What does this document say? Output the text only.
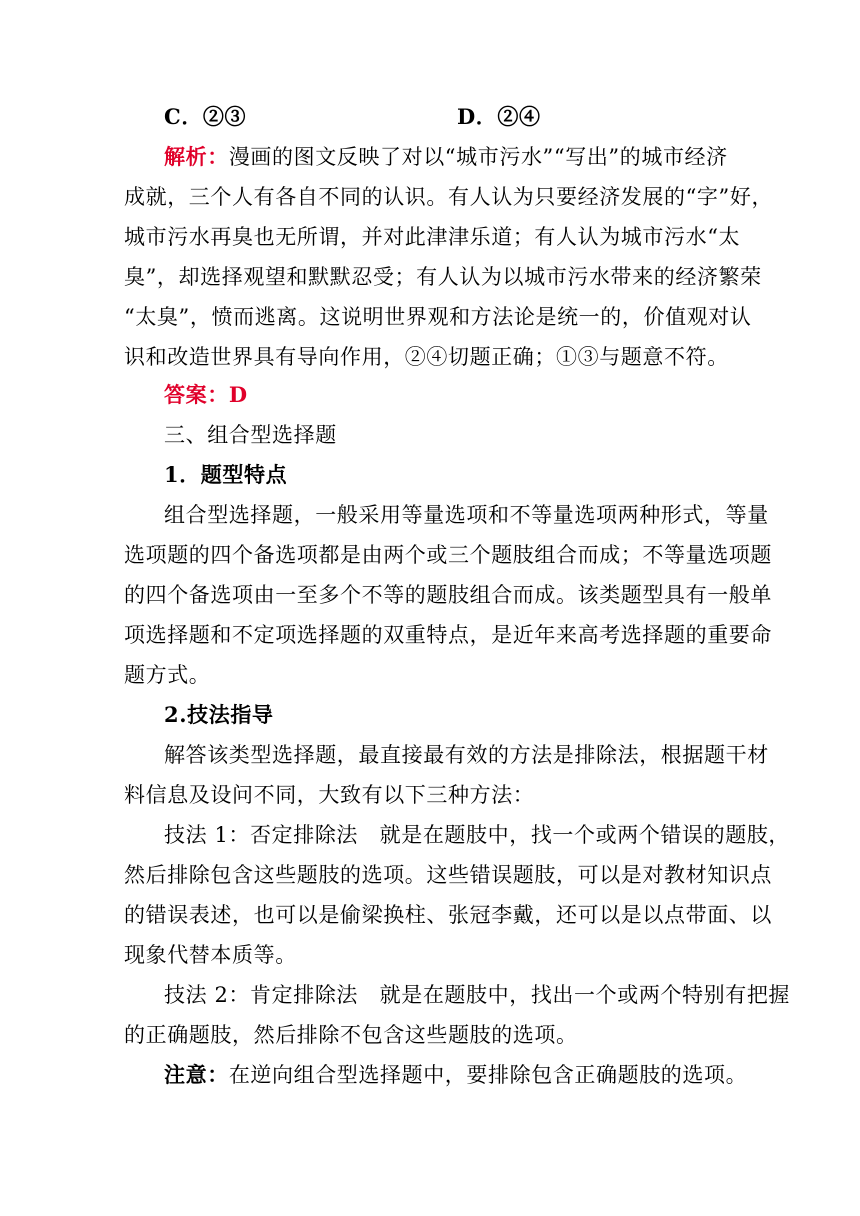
C．②③	D．②④
解析：漫画的图文反映了对以“城市污水”“写出”的城市经济
成就，三个人有各自不同的认识。有人认为只要经济发展的“字”好，
城市污水再臭也无所谓，并对此津津乐道；有人认为城市污水“太
臭”，却选择观望和默默忍受；有人认为以城市污水带来的经济繁荣
“太臭”，愤而逃离。这说明世界观和方法论是统一的，价值观对认
识和改造世界具有导向作用，②④切题正确；①③与题意不符。
答案：D
三、组合型选择题
1．题型特点
组合型选择题，一般采用等量选项和不等量选项两种形式，等量
选项题的四个备选项都是由两个或三个题肢组合而成；不等量选项题
的四个备选项由一至多个不等的题肢组合而成。该类题型具有一般单
项选择题和不定项选择题的双重特点，是近年来高考选择题的重要命
题方式。
2.技法指导
解答该类型选择题，最直接最有效的方法是排除法，根据题干材
料信息及设问不同，大致有以下三种方法：
技法 1：否定排除法　就是在题肢中，找一个或两个错误的题肢，
然后排除包含这些题肢的选项。这些错误题肢，可以是对教材知识点
的错误表述，也可以是偷梁换柱、张冠李戴，还可以是以点带面、以
现象代替本质等。
技法 2：肯定排除法　就是在题肢中，找出一个或两个特别有把握
的正确题肢，然后排除不包含这些题肢的选项。
注意：在逆向组合型选择题中，要排除包含正确题肢的选项。
